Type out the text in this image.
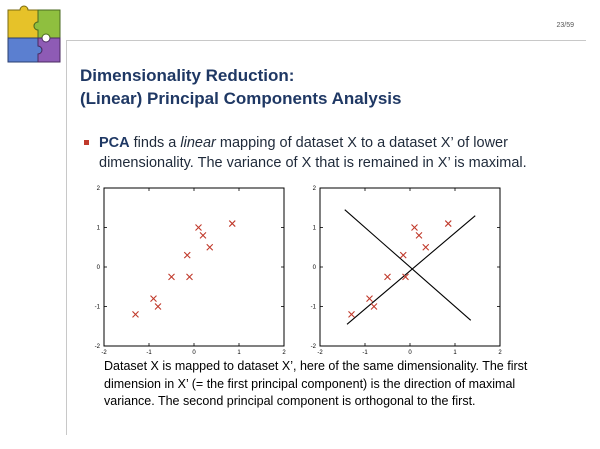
23/59
Dimensionality Reduction:
(Linear) Principal Components Analysis
PCA finds a linear mapping of dataset X to a dataset X’ of lower dimensionality. The variance of X that is remained in X’ is maximal.
-2	-1	0	1	2
-2
-1
0
1
2
-2	-1	0	1	2
-2
-1
0
1
2
Dataset X is mapped to dataset X’, here of the same dimensionality. The first dimension in X’ (= the first principal component) is the direction of maximal variance. The second principal component is orthogonal to the first.
